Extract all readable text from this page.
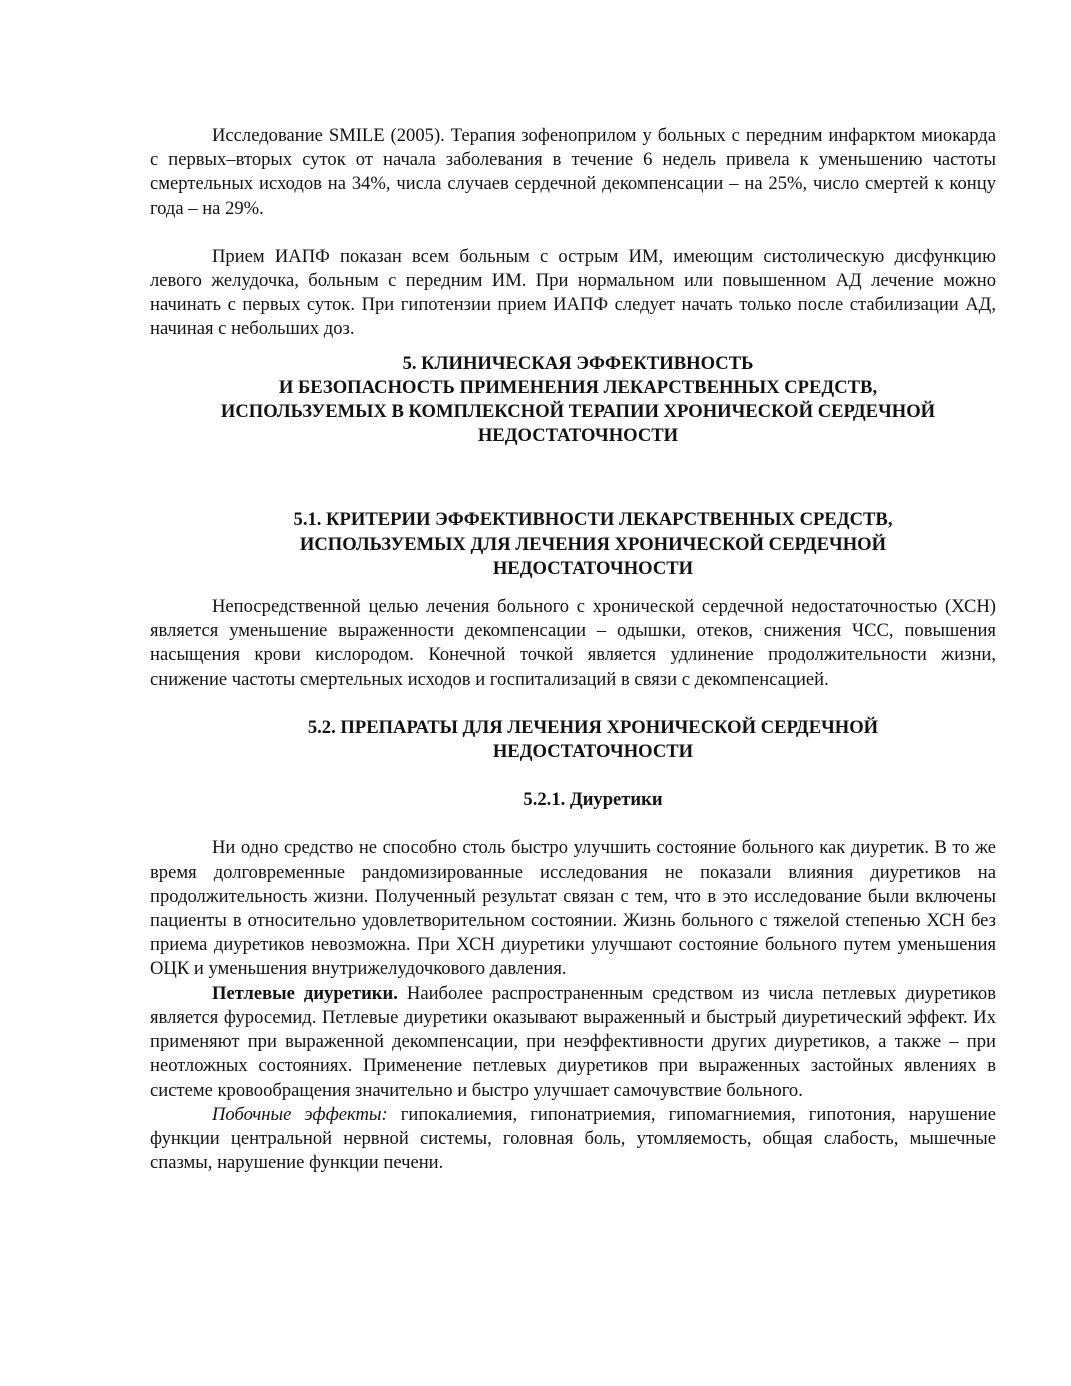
Исследование SMILE (2005). Терапия зофеноприлом у больных с передним инфарктом миокарда с первых–вторых суток от начала заболевания в течение 6 недель привела к уменьшению частоты смертельных исходов на 34%, числа случаев сердечной декомпенсации – на 25%, число смертей к концу года – на 29%.

Прием ИАПФ показан всем больным с острым ИМ, имеющим систолическую дисфункцию левого желудочка, больным с передним ИМ. При нормальном или повышенном АД лечение можно начинать с первых суток. При гипотензии прием ИАПФ следует начать только после стабилизации АД, начиная с небольших доз.

5. КЛИНИЧЕСКАЯ ЭФФЕКТИВНОСТЬ
И БЕЗОПАСНОСТЬ ПРИМЕНЕНИЯ ЛЕКАРСТВЕННЫХ СРЕДСТВ,
ИСПОЛЬЗУЕМЫХ В КОМПЛЕКСНОЙ ТЕРАПИИ ХРОНИЧЕСКОЙ СЕРДЕЧНОЙ
НЕДОСТАТОЧНОСТИ
5.1. КРИТЕРИИ ЭФФЕКТИВНОСТИ ЛЕКАРСТВЕННЫХ СРЕДСТВ,
ИСПОЛЬЗУЕМЫХ ДЛЯ ЛЕЧЕНИЯ ХРОНИЧЕСКОЙ СЕРДЕЧНОЙ
НЕДОСТАТОЧНОСТИ

Непосредственной целью лечения больного с хронической сердечной недостаточностью (ХСН) является уменьшение выраженности декомпенсации – одышки, отеков, снижения ЧСС, повышения насыщения крови кислородом. Конечной точкой является удлинение продолжительности жизни, снижение частоты смертельных исходов и госпитализаций в связи с декомпенсацией.

5.2. ПРЕПАРАТЫ ДЛЯ ЛЕЧЕНИЯ ХРОНИЧЕСКОЙ СЕРДЕЧНОЙ
НЕДОСТАТОЧНОСТИ
5.2.1. Диуретики

Ни одно средство не способно столь быстро улучшить состояние больного как диуретик. В то же время долговременные рандомизированные исследования не показали влияния диуретиков на продолжительность жизни. Полученный результат связан с тем, что в это исследование были включены пациенты в относительно удовлетворительном состоянии. Жизнь больного с тяжелой степенью ХСН без приема диуретиков невозможна. При ХСН диуретики улучшают состояние больного путем уменьшения ОЦК и уменьшения внутрижелудочкового давления.

Петлевые диуретики. Наиболее распространенным средством из числа петлевых диуретиков является фуросемид. Петлевые диуретики оказывают выраженный и быстрый диуретический эффект. Их применяют при выраженной декомпенсации, при неэффективности других диуретиков, а также – при неотложных состояниях. Применение петлевых диуретиков при выраженных застойных явлениях в системе кровообращения значительно и быстро улучшает самочувствие больного.

Побочные эффекты: гипокалиемия, гипонатриемия, гипомагниемия, гипотония, нарушение функции центральной нервной системы, головная боль, утомляемость, общая слабость, мышечные спазмы, нарушение функции печени.
